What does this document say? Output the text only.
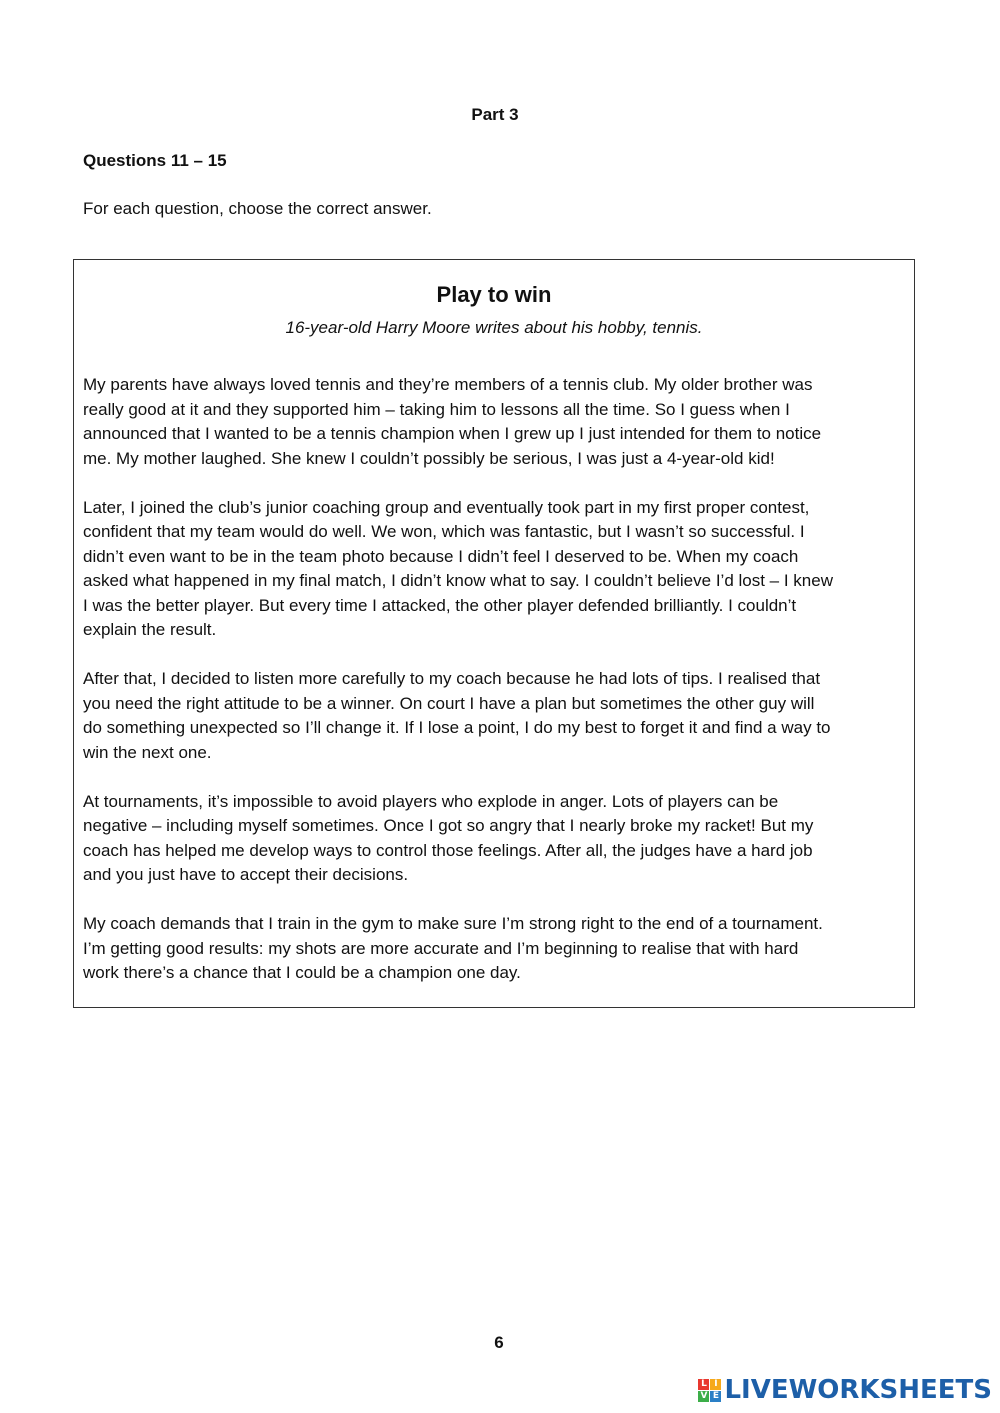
Part 3
Questions 11 – 15
For each question, choose the correct answer.
Play to win
16-year-old Harry Moore writes about his hobby, tennis.

My parents have always loved tennis and they’re members of a tennis club. My older brother was
really good at it and they supported him – taking him to lessons all the time. So I guess when I
announced that I wanted to be a tennis champion when I grew up I just intended for them to notice
me. My mother laughed. She knew I couldn’t possibly be serious, I was just a 4-year-old kid!

Later, I joined the club’s junior coaching group and eventually took part in my first proper contest,
confident that my team would do well. We won, which was fantastic, but I wasn’t so successful. I
didn’t even want to be in the team photo because I didn’t feel I deserved to be. When my coach
asked what happened in my final match, I didn’t know what to say. I couldn’t believe I’d lost – I knew
I was the better player. But every time I attacked, the other player defended brilliantly. I couldn’t
explain the result.

After that, I decided to listen more carefully to my coach because he had lots of tips. I realised that
you need the right attitude to be a winner. On court I have a plan but sometimes the other guy will
do something unexpected so I’ll change it. If I lose a point, I do my best to forget it and find a way to
win the next one.

At tournaments, it’s impossible to avoid players who explode in anger. Lots of players can be
negative – including myself sometimes. Once I got so angry that I nearly broke my racket! But my
coach has helped me develop ways to control those feelings. After all, the judges have a hard job
and you just have to accept their decisions.

My coach demands that I train in the gym to make sure I’m strong right to the end of a tournament.
I’m getting good results: my shots are more accurate and I’m beginning to realise that with hard
work there’s a chance that I could be a champion one day.

6
L I
V E LIVEWORKSHEETS
